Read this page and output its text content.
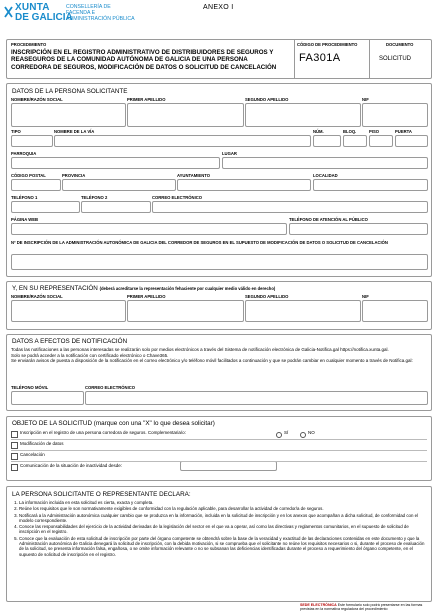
XUNTA
DE GALICIA
CONSELLERÍA DE
FACENDA E
ADMINISTRACIÓN PÚBLICA
ANEXO I
PROCEDIMIENTO
INSCRIPCIÓN EN EL REGISTRO ADMINISTRATIVO DE DISTRIBUIDORES DE SEGUROS Y REASEGUROS DE LA COMUNIDAD AUTÓNOMA DE GALICIA DE UNA PERSONA CORREDORA DE SEGUROS, MODIFICACIÓN DE DATOS O SOLICITUD DE CANCELACIÓN
CÓDIGO DE PROCEDIMIENTO
FA301A
DOCUMENTO
SOLICITUD
DATOS DE LA PERSONA SOLICITANTE
NOMBRE/RAZÓN SOCIAL	PRIMER APELLIDO	SEGUNDO APELLIDO	NIF
TIPO	NOMBRE DE LA VÍA	NÚM.	BLOQ.	PISO	PUERTA
PARROQUIA	LUGAR
CÓDIGO POSTAL	PROVINCIA	AYUNTAMIENTO	LOCALIDAD
TELÉFONO 1	TELÉFONO 2	CORREO ELECTRÓNICO
PÁGINA WEB	TELÉFONO DE ATENCIÓN AL PÚBLICO
Nº DE INSCRIPCIÓN DE LA ADMINISTRACIÓN AUTONÓMICA DE GALICIA DEL CORREDOR DE SEGUROS EN EL SUPUESTO DE MODIFICACIÓN DE DATOS O SOLICITUD DE CANCELACIÓN
Y, EN SU REPRESENTACIÓN (deberá acreditarse la representación fehaciente por cualquier medio válido en derecho)
NOMBRE/RAZÓN SOCIAL	PRIMER APELLIDO	SEGUNDO APELLIDO	NIF
DATOS A EFECTOS DE NOTIFICACIÓN

Todas las notificaciones a las personas interesadas se realizarán solo por medios electrónicos a través del Sistema de notificación electrónica de Galicia-Notifica.gal https://notifica.xunta.gal.

Solo se podrá acceder a la notificación con certificado electrónico o Chave365.

Se enviarán avisos de puesta a disposición de la notificación en el correo electrónico y/o teléfono móvil facilitados a continuación y que se podrán cambiar en cualquier momento a través de Notifica.gal:

TELÉFONO MÓVIL	CORREO ELECTRÓNICO
OBJETO DE LA SOLICITUD (marque con una "X" lo que desea solicitar)
Inscripción en el registro de una persona corredora de seguros. Complementaria/o:	SÍ	NO
Modificación de datos
Cancelación
Comunicación de la situación de inactividad desde:
LA PERSONA SOLICITANTE O REPRESENTANTE DECLARA:
1. La información incluida en esta solicitud es cierta, exacta y completa.
2. Reúne los requisitos que le son normativamente exigibles de conformidad con la regulación aplicable, para desarrollar la actividad de corredor/a de seguros.
3. Notificará a la Administración autonómica cualquier cambio que se produzca en la información, incluida en la solicitud de inscripción y en los anexos que acompañan a dicha solicitud, de conformidad con el modelo correspondiente.
4. Conoce las responsabilidades del ejercicio de la actividad derivadas de la legislación del sector en el que va a operar, así como las directivas y reglamentos comunitarios, en el supuesto de solicitud de inscripción en el registro.
5. Conoce que la evaluación de esta solicitud de inscripción por parte del órgano competente se obtendrá sobre la base de la veracidad y exactitud de las declaraciones contenidas en este documento y que la Administración autonómica de Galicia denegará la solicitud de inscripción, con la debida motivación, si se comprueba que el solicitante no reúne los requisitos necesarios o si, durante el proceso de evaluación de la solicitud, se presenta información falsa, engañosa, o se omite información relevante o no se subsanan las deficiencias identificadas durante el proceso a requerimiento del órgano competente, en el supuesto de solicitud de inscripción en el registro.
SEDE ELECTRÓNICA Este formulario solo podrá presentarse en las formas previstas en la normativa reguladora del procedimiento
